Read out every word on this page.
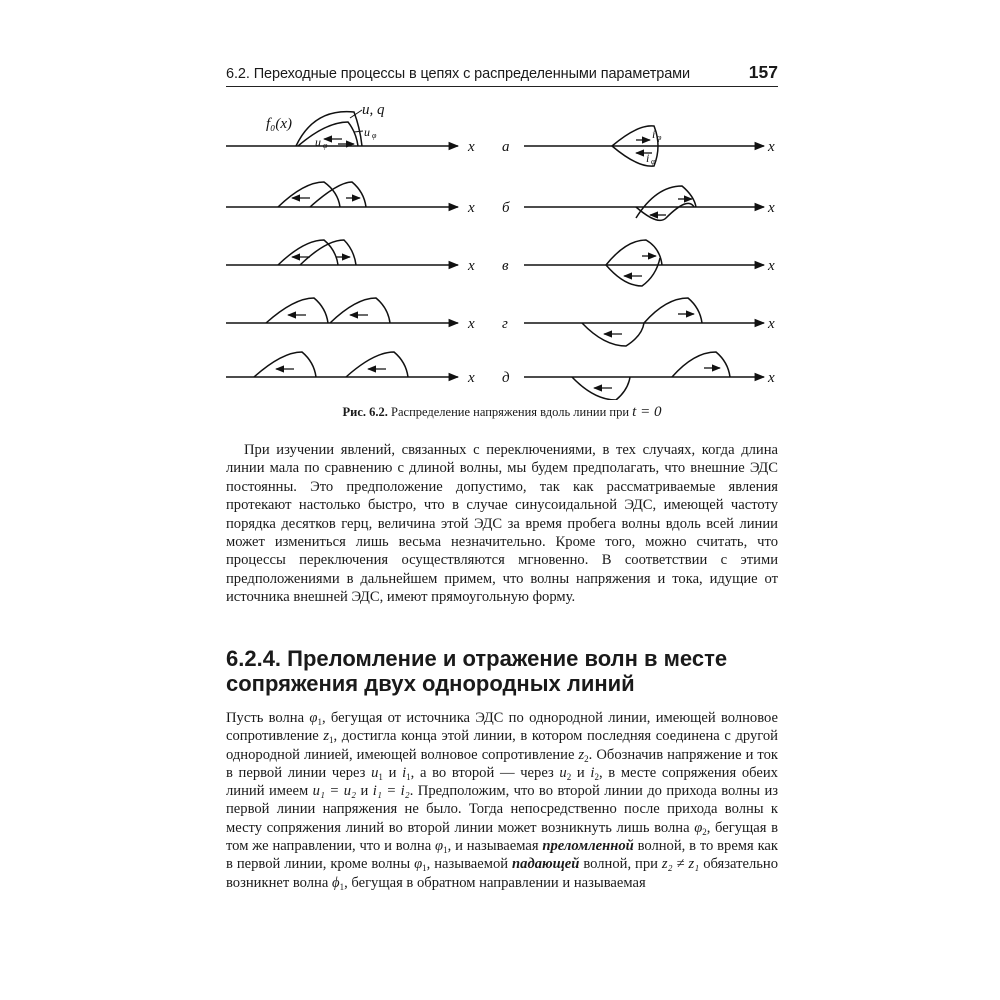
6.2. Переходные процессы в цепях с распределенными параметрами	157
x
x
x
x
x
x
x
x
x
x
а
б
в
г
д
f₀(x)
u, q
u
u	i
i
φ
φ	φ
φ
Рис. 6.2. Распределение напряжения вдоль линии при t = 0

При изучении явлений, связанных с переключениями, в тех случаях, когда длина линии мала по сравнению с длиной волны, мы будем предполагать, что внешние ЭДС постоянны. Это предположение допустимо, так как рассматриваемые явления протекают настолько быстро, что в случае синусоидальной ЭДС, имеющей частоту порядка десятков герц, величина этой ЭДС за время пробега волны вдоль всей линии может измениться лишь весьма незначительно. Кроме того, можно считать, что процессы переключения осуществляются мгновенно. В соответствии с этими предположениями в дальнейшем примем, что волны напряжения и тока, идущие от источника внешней ЭДС, имеют прямоугольную форму.

6.2.4. Преломление и отражение волн в месте сопряжения двух однородных линий

Пусть волна $\varphi_1$, бегущая от источника ЭДС по однородной линии, имеющей волновое сопротивление $z_1$, достигла конца этой линии, в котором последняя соединена с другой однородной линией, имеющей волновое сопротивление $z_2$. Обозначив напряжение и ток в первой линии через $u_1$ и $i_1$, а во второй — через $u_2$ и $i_2$, в месте сопряжения обеих линий имеем u₁ = u₂ и i₁ = i₂. Предположим, что во второй линии до прихода волны из первой линии напряжения не было. Тогда непосредственно после прихода волны к месту сопряжения линий во второй линии может возникнуть лишь волна $\varphi_2$, бегущая в том же направлении, что и волна $\varphi_1$, и называемая преломленной волной, в то время как в первой линии, кроме волны $\varphi_1$, называемой падающей волной, при z₂ ≠ z₁ обязательно возникнет волна $\phi_1$, бегущая в обратном направлении и называемая
